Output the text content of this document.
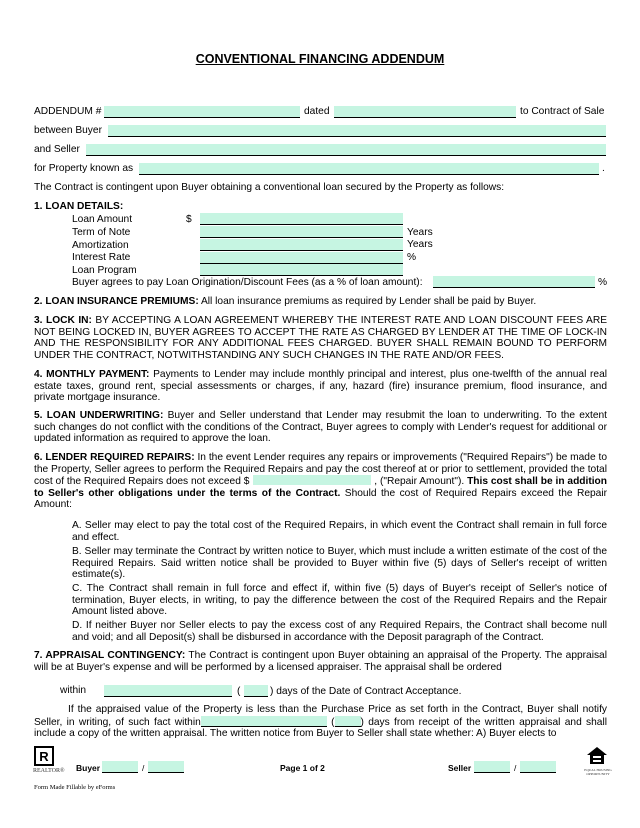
CONVENTIONAL FINANCING ADDENDUM
ADDENDUM #	dated	to Contract of Sale
between Buyer
and Seller
for Property known as	.
The Contract is contingent upon Buyer obtaining a conventional loan secured by the Property as follows:
1. LOAN DETAILS:
Loan Amount	$
Term of Note	Years
Amortization	Years
Interest Rate	%
Loan Program
Buyer agrees to pay Loan Origination/Discount Fees (as a % of loan amount):	%
2. LOAN INSURANCE PREMIUMS: All loan insurance premiums as required by Lender shall be paid by Buyer.
3. LOCK IN: BY ACCEPTING A LOAN AGREEMENT WHEREBY THE INTEREST RATE AND LOAN DISCOUNT FEES ARE NOT BEING LOCKED IN, BUYER AGREES TO ACCEPT THE RATE AS CHARGED BY LENDER AT THE TIME OF LOCK-IN AND THE RESPONSIBILITY FOR ANY ADDITIONAL FEES CHARGED. BUYER SHALL REMAIN BOUND TO PERFORM UNDER THE CONTRACT, NOTWITHSTANDING ANY SUCH CHANGES IN THE RATE AND/OR FEES.
4. MONTHLY PAYMENT: Payments to Lender may include monthly principal and interest, plus one-twelfth of the annual real estate taxes, ground rent, special assessments or charges, if any, hazard (fire) insurance premium, flood insurance, and private mortgage insurance.
5. LOAN UNDERWRITING: Buyer and Seller understand that Lender may resubmit the loan to underwriting. To the extent such changes do not conflict with the conditions of the Contract, Buyer agrees to comply with Lender's request for additional or updated information as required to approve the loan.
6. LENDER REQUIRED REPAIRS: In the event Lender requires any repairs or improvements ("Required Repairs") be made to the Property, Seller agrees to perform the Required Repairs and pay the cost thereof at or prior to settlement, provided the total cost of the Required Repairs does not exceed $	, ("Repair Amount"). This cost shall be in addition to Seller's other obligations under the terms of the Contract. Should the cost of Required Repairs exceed the Repair Amount:
A. Seller may elect to pay the total cost of the Required Repairs, in which event the Contract shall remain in full force and effect.
B. Seller may terminate the Contract by written notice to Buyer, which must include a written estimate of the cost of the Required Repairs. Said written notice shall be provided to Buyer within five (5) days of Seller's receipt of written estimate(s).
C. The Contract shall remain in full force and effect if, within five (5) days of Buyer's receipt of Seller's notice of termination, Buyer elects, in writing, to pay the difference between the cost of the Required Repairs and the Repair Amount listed above.
D. If neither Buyer nor Seller elects to pay the excess cost of any Required Repairs, the Contract shall become null and void; and all Deposit(s) shall be disbursed in accordance with the Deposit paragraph of the Contract.
7. APPRAISAL CONTINGENCY: The Contract is contingent upon Buyer obtaining an appraisal of the Property. The appraisal will be at Buyer's expense and will be performed by a licensed appraiser. The appraisal shall be ordered
within	(	) days of the Date of Contract Acceptance.
If the appraised value of the Property is less than the Purchase Price as set forth in the Contract, Buyer shall notify Seller, in writing, of such fact within	(	) days from receipt of the written appraisal and shall include a copy of the written appraisal. The written notice from Buyer to Seller shall state whether: A) Buyer elects to
R
REALTOR® Buyer	/	Page 1 of 2	Seller	/	EQUAL HOUSING OPPORTUNITY
Form Made Fillable by eForms
